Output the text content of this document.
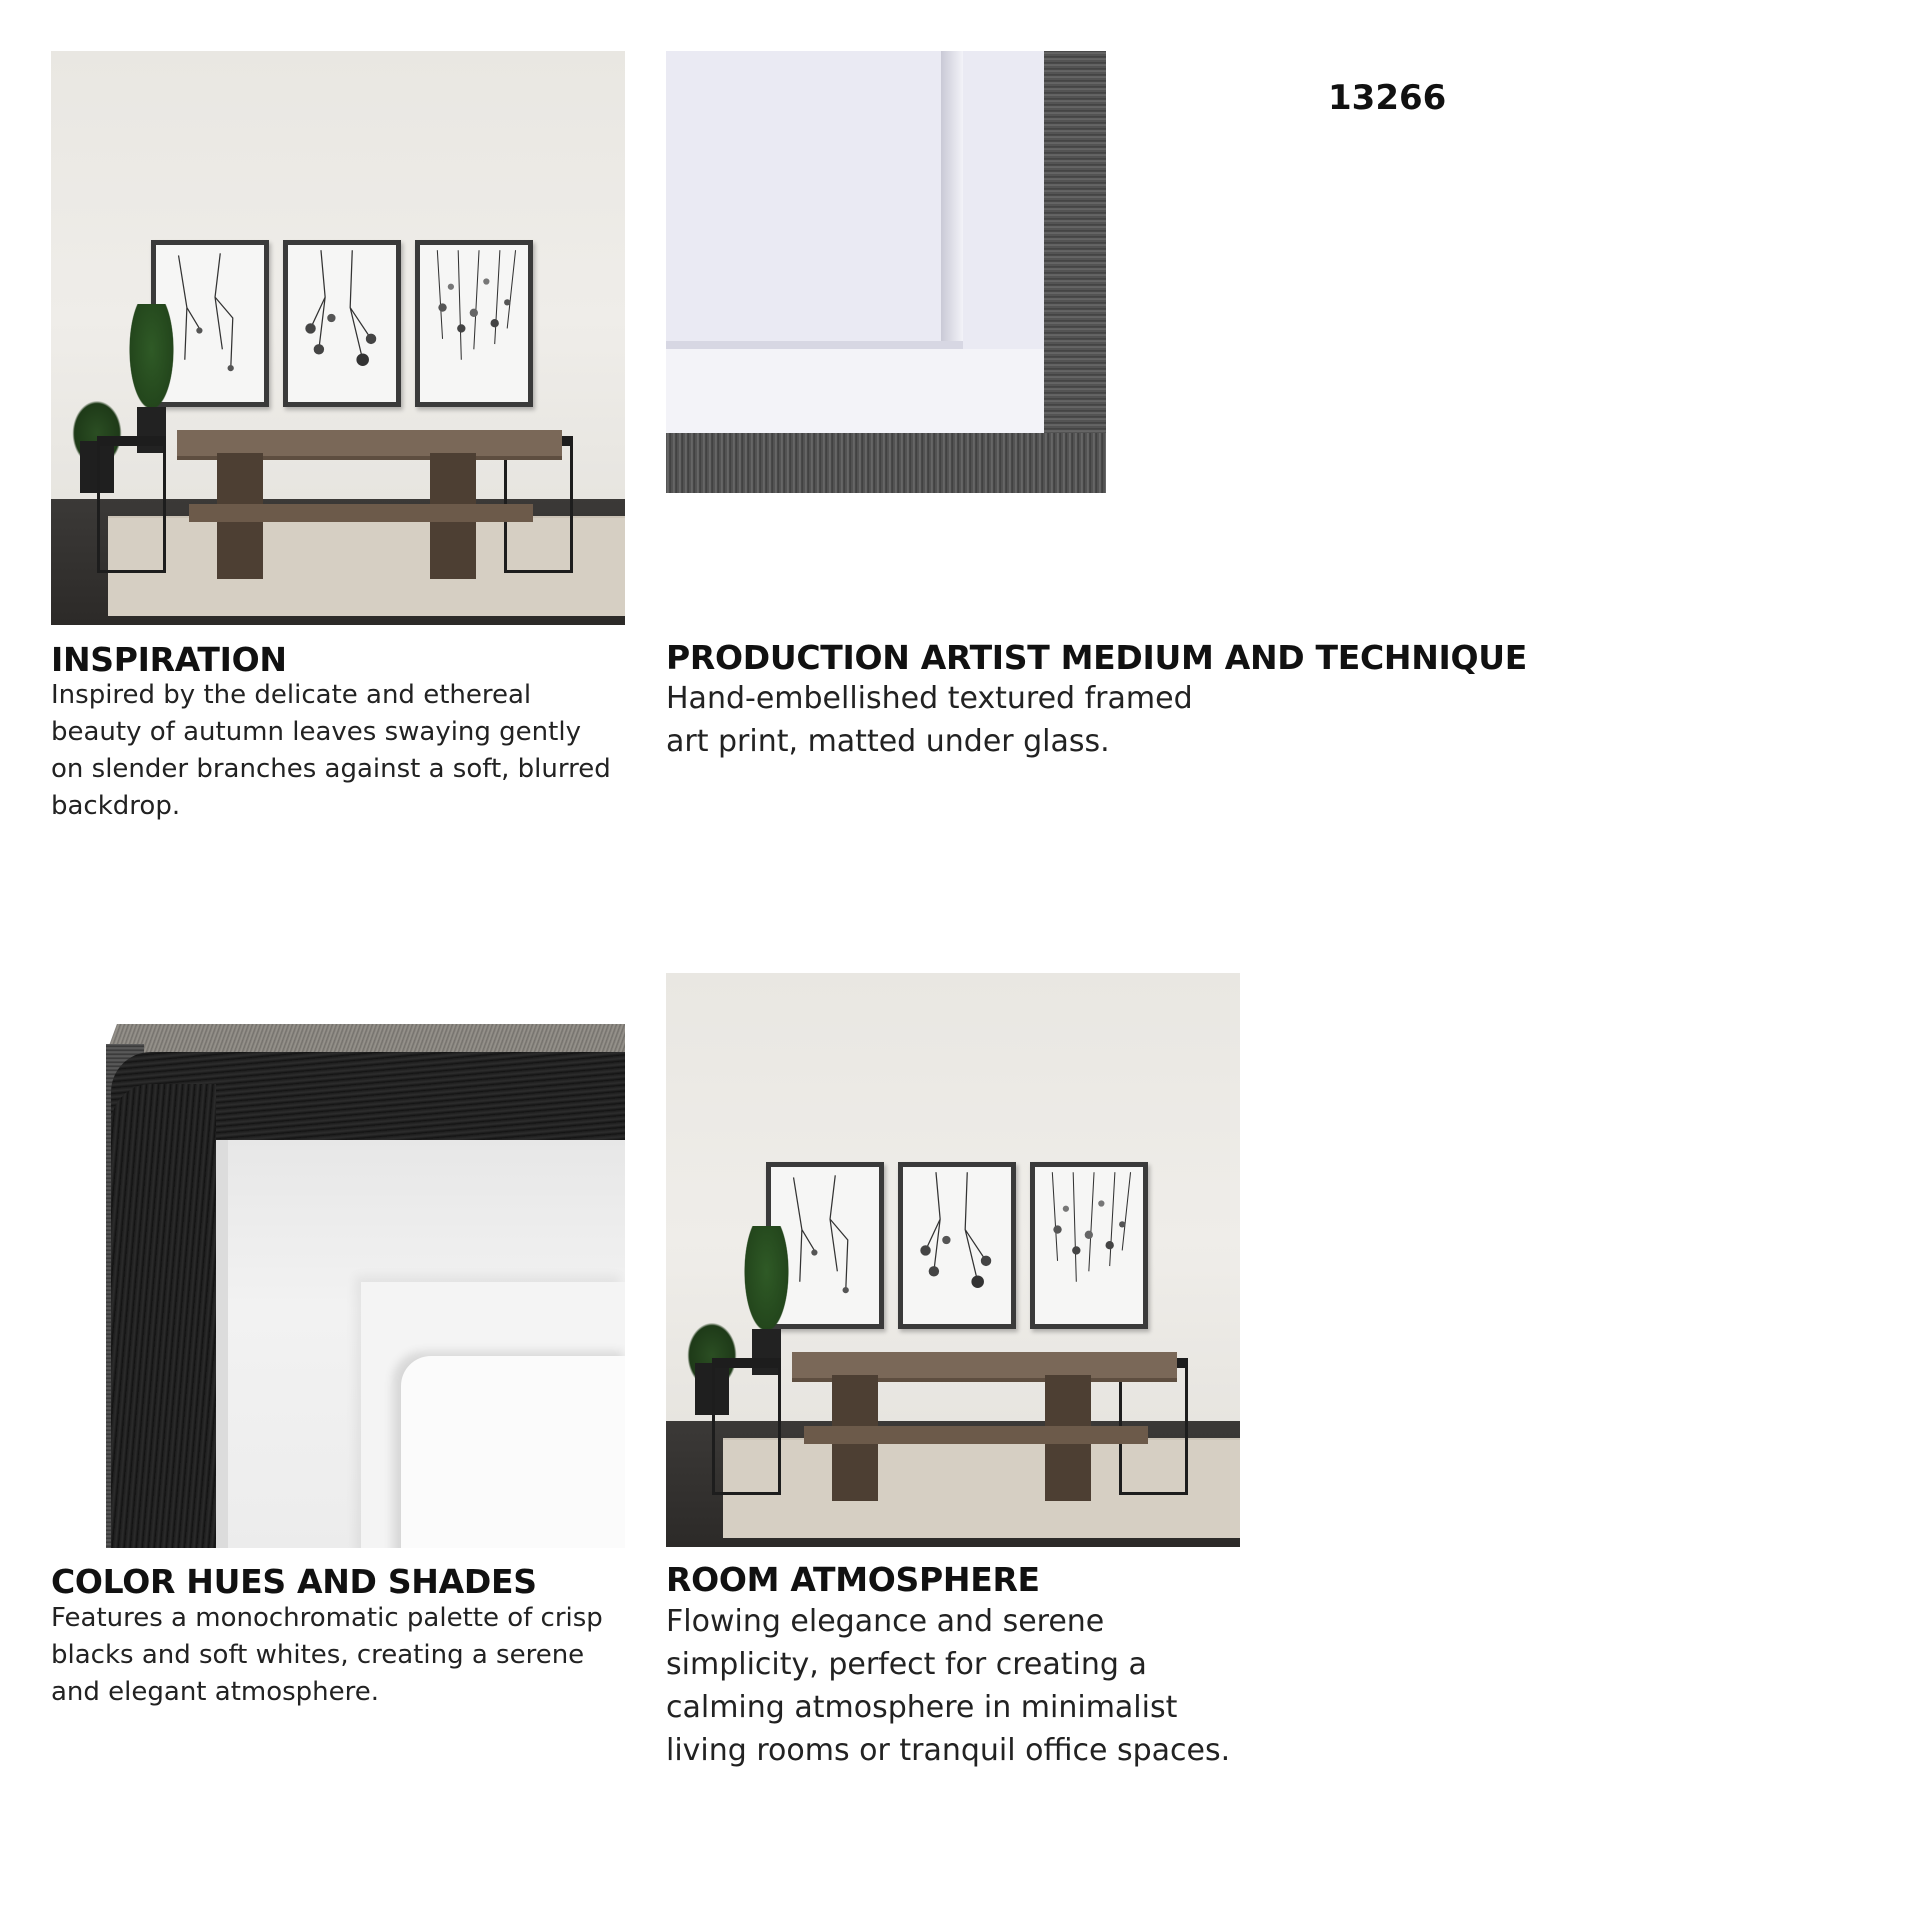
13266
INSPIRATION
Inspired by the delicate and ethereal beauty of autumn leaves swaying gently on slender branches against a soft, blurred backdrop.
PRODUCTION ARTIST MEDIUM AND TECHNIQUE
Hand-embellished textured framed art print, matted under glass.
COLOR HUES AND SHADES
Features a monochromatic palette of crisp blacks and soft whites, creating a serene and elegant atmosphere.
ROOM ATMOSPHERE
Flowing elegance and serene simplicity, perfect for creating a calming atmosphere in minimalist living rooms or tranquil office spaces.
